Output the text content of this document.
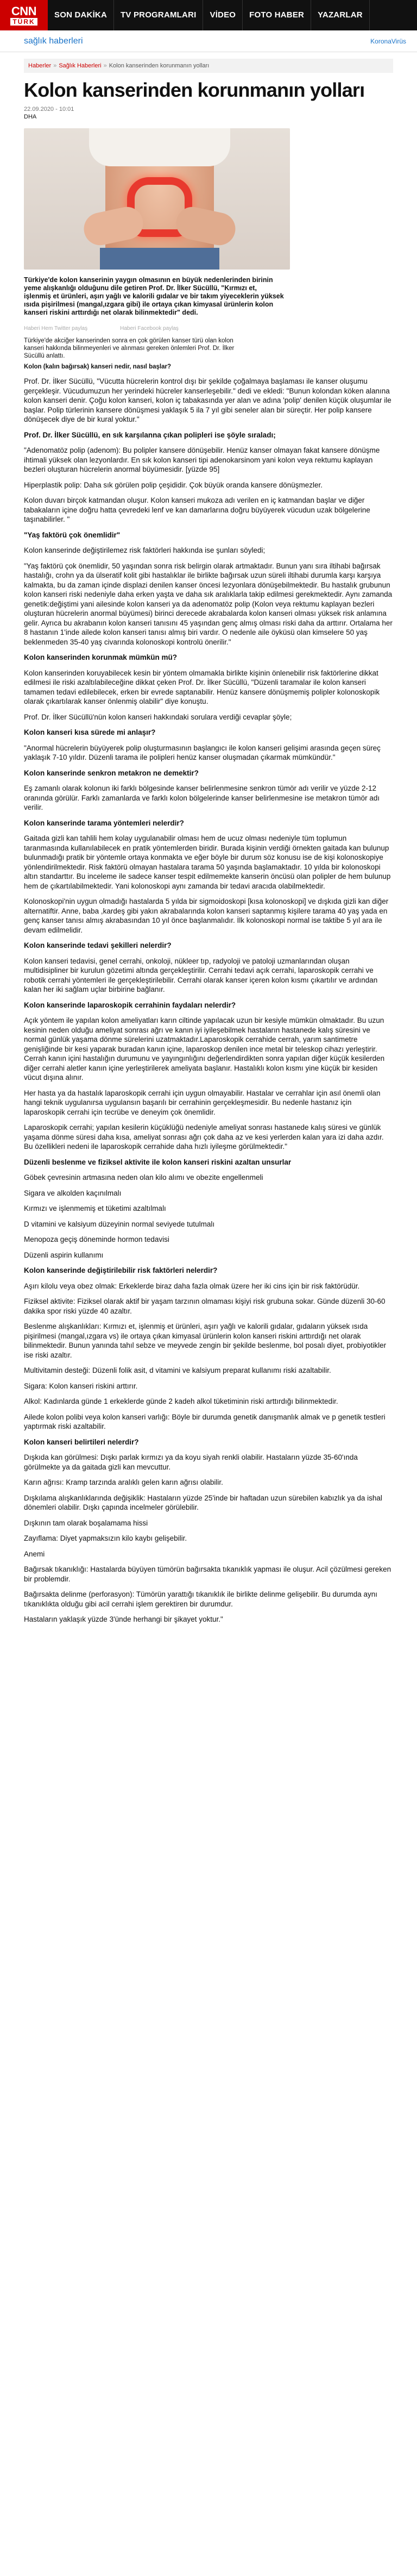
CNN
TÜRK
SON DAKİKA	TV PROGRAMLARI	VİDEO	FOTO HABER	YAZARLAR
sağlık haberleri	KoronaVirüs
Haberler » Sağlık Haberleri » Kolon kanserinden korunmanın yolları
Kolon kanserinden korunmanın yolları
22.09.2020 - 10:01
DHA
Türkiye'de kolon kanserinin yaygın olmasının en büyük nedenlerinden birinin yeme alışkanlığı olduğunu dile getiren Prof. Dr. İlker Sücüllü, "Kırmızı et, işlenmiş et ürünleri, aşırı yağlı ve kalorili gıdalar ve bir takım yiyeceklerin yüksek ısıda pişirilmesi (mangal,ızgara gibi) ile ortaya çıkan kimyasal ürünlerin kolon kanseri riskini arttırdığı net olarak bilinmektedir" dedi.
Haberi Hem Twitter paylaş	Haberi Facebook paylaş
Türkiye'de akciğer kanserinden sonra en çok görülen kanser türü olan kolon kanseri hakkında bilinmeyenleri ve alınması gereken önlemleri Prof. Dr. İlker Sücüllü anlattı.
Kolon (kalın bağırsak) kanseri nedir, nasıl başlar?

Prof. Dr. İlker Sücüllü, "Vücutta hücrelerin kontrol dışı bir şekilde çoğalmaya başlaması ile kanser oluşumu gerçekleşir. Vücudumuzun her yerindeki hücreler kanserleşebilir." dedi ve ekledi: "Bunun kolondan köken alanına kolon kanseri denir. Çoğu kolon kanseri, kolon iç tabakasında yer alan ve adına 'polip' denilen küçük oluşumlar ile başlar. Polip türlerinin kansere dönüşmesi yaklaşık 5 ila 7 yıl gibi seneler alan bir süreçtir. Her polip kansere dönüşecek diye de bir kural yoktur."

Prof. Dr. İlker Sücüllü, en sık karşılanna çıkan polipleri ise şöyle sıraladı;

"Adenomatöz polip (adenom): Bu polipler kansere dönüşebilir. Henüz kanser olmayan fakat kansere dönüşme ihtimali yüksek olan lezyonlardır. En sık kolon kanseri tipi adenokarsinom yani kolon veya rektumu kaplayan bezleri oluşturan hücrelerin anormal büyümesidir. [yüzde 95]

Hiperplastik polip: Daha sık görülen polip çeşididir. Çok büyük oranda kansere dönüşmezler.

Kolon duvarı birçok katmandan oluşur. Kolon kanseri mukoza adı verilen en iç katmandan başlar ve diğer tabakaların içine doğru hatta çevredeki lenf ve kan damarlarına doğru büyüyerek vücudun uzak bölgelerine taşınabilirler. "

"Yaş faktörü çok önemlidir"

Kolon kanserinde değiştirilemez risk faktörleri hakkında ise şunları söyledi;

"Yaş faktörü çok önemlidir, 50 yaşından sonra risk belirgin olarak artmaktadır. Bunun yanı sıra iltihabi bağırsak hastalığı, crohn ya da ülseratif kolit gibi hastalıklar ile birlikte bağırsak uzun süreli iltihabi durumla karşı karşıya kalmakta, bu da zaman içinde displazi denilen kanser öncesi lezyonlara dönüşebilmektedir. Bu hastalık grubunun kolon kanseri riski nedeniyle daha erken yaşta ve daha sık aralıklarla takip edilmesi gerekmektedir. Aynı zamanda genetik:değiştimi yani ailesinde kolon kanseri ya da adenomatöz polip (Kolon veya rektumu kaplayan bezleri oluşturan hücrelerin anormal büyümesi) birinci derecede akrabalarda kolon kanseri olması yüksek risk anlamına gelir. Ayrıca bu akrabanın kolon kanseri tanısını 45 yaşından genç almış olması riski daha da arttırır. Ortalama her 8 hastanın 1'inde ailede kolon kanseri tanısı almış biri vardır. O nedenle aile öyküsü olan kimselere 50 yaş beklenmeden 35-40 yaş civarında kolonoskopi kontrolü önerilir."

Kolon kanserinden korunmak mümkün mü?

Kolon kanserinden koruyabilecek kesin bir yöntem olmamakla birlikte kişinin önlenebilir risk faktörlerine dikkat edilmesi ile riski azaltılabileceğine dikkat çeken Prof. Dr. İlker Sücüllü, "Düzenli taramalar ile kolon kanseri tamamen tedavi edilebilecek, erken bir evrede saptanabilir. Henüz kansere dönüşmemiş polipler kolonoskopik olarak çıkartılarak kanser önlenmiş olabilir" diye konuştu.

Prof. Dr. İlker Sücüllü'nün kolon kanseri hakkındaki sorulara verdiği cevaplar şöyle;

Kolon kanseri kısa sürede mi anlaşır?

"Anormal hücrelerin büyüyerek polip oluşturmasının başlangıcı ile kolon kanseri gelişimi arasında geçen süreç yaklaşık 7-10 yıldır. Düzenli tarama ile polipleri henüz kanser oluşmadan çıkarmak mümkündür."

Kolon kanserinde senkron metakron ne demektir?

Eş zamanlı olarak kolonun iki farklı bölgesinde kanser belirlenmesine senkron tümör adı verilir ve yüzde 2-12 oranında görülür. Farklı zamanlarda ve farklı kolon bölgelerinde kanser belirlenmesine ise metakron tümör adı verilir.

Kolon kanserinde tarama yöntemleri nelerdir?

Gaitada gizli kan tahlili hem kolay uygulanabilir olması hem de ucuz olması nedeniyle tüm toplumun taranmasında kullanılabilecek en pratik yöntemlerden biridir. Burada kişinin verdiği örnekten gaitada kan bulunup bulunmadığı pratik bir yöntemle ortaya konmakta ve eğer böyle bir durum söz konusu ise de kişi kolonoskopiye yönlendirilmektedir. Risk faktörü olmayan hastalara tarama 50 yaşında başlamaktadır. 10 yılda bir kolonoskopi altın standarttır. Bu inceleme ile sadece kanser tespit edilmemekte kanserin öncüsü olan polipler de hem bulunup hem de çıkartılabilmektedir. Yani kolonoskopi aynı zamanda bir tedavi aracıda olabilmektedir.

Kolonoskopi'nin uygun olmadığı hastalarda 5 yılda bir sigmoidoskopi [kısa kolonoskopi] ve dışkıda gizli kan diğer alternatiftir. Anne, baba ,kardeş gibi yakın akrabalarında kolon kanseri saptanmış kişilere tarama 40 yaş yada en genç kanser tanısı almış akrabasından 10 yıl önce başlanmalıdır. İlk kolonoskopi normal ise taktibe 5 yıl ara ile devam edilmelidir.

Kolon kanserinde tedavi şekilleri nelerdir?

Kolon kanseri tedavisi, genel cerrahi, onkoloji, nükleer tıp, radyoloji ve patoloji uzmanlarından oluşan multidisipliner bir kurulun gözetimi altında gerçekleştirilir. Cerrahi tedavi açık cerrahi, laparoskopik cerrahi ve robotik cerrahi yöntemleri ile gerçekleştirilebilir. Cerrahi olarak kanser içeren kolon kısmı çıkartılır ve ardından kalan her iki sağlam uçlar birbirine bağlanır.

Kolon kanserinde laparoskopik cerrahinin faydaları nelerdir?

Açık yöntem ile yapılan kolon ameliyatları karın ciltinde yapılacak uzun bir kesiyle mümkün olmaktadır. Bu uzun kesinin neden olduğu ameliyat sonrası ağrı ve kanın iyi iyileşebilmek hastaların hastanede kalış süresini ve normal günlük yaşama dönme sürelerini uzatmaktadır.Laparoskopik cerrahide cerrah, yarım santimetre genişliğinde bir kesi yaparak buradan kanın içine, laparoskop denilen ince metal bir teleskop cihazı yerleştirir. Cerrah kanın içini hastalığın durumunu ve yayıngınlığını değerlendirdikten sonra yapılan diğer küçük kesilerden diğer cerrahi aletler kanın içine yerleştirilerek ameliyata başlanır. Hastalıklı kolon kısmı yine küçük bir kesiden vücut dışına alınır.

Her hasta ya da hastalık laparoskopik cerrahi için uygun olmayabilir. Hastalar ve cerrahlar için asıl önemli olan hangi teknik uygulanırsa uygulansın başarılı bir cerrahinin gerçekleşmesidir. Bu nedenle hastanız için laparoskopik cerrahi için tecrübe ve deneyim çok önemlidir.

Laparoskopik cerrahi; yapılan kesilerin küçüklüğü nedeniyle ameliyat sonrası hastanede kalış süresi ve günlük yaşama dönme süresi daha kısa, ameliyat sonrası ağrı çok daha az ve kesi yerlerden kalan yara izi daha azdır. Bu özellikleri nedeni ile laparoskopik cerrahide daha hızlı iyileşme görülmektedir."

Düzenli beslenme ve fiziksel aktivite ile kolon kanseri riskini azaltan unsurlar

Göbek çevresinin artmasına neden olan kilo alımı ve obezite engellenmeli

Sigara ve alkolden kaçınılmalı

Kırmızı ve işlenmemiş et tüketimi azaltılmalı

D vitamini ve kalsiyum düzeyinin normal seviyede tutulmalı

Menopoza geçiş döneminde hormon tedavisi

Düzenli aspirin kullanımı

Kolon kanserinde değiştirilebilir risk faktörleri nelerdir?

Aşırı kilolu veya obez olmak: Erkeklerde biraz daha fazla olmak üzere her iki cins için bir risk faktörüdür.

Fiziksel aktivite: Fiziksel olarak aktif bir yaşam tarzının olmaması kişiyi risk grubuna sokar. Günde düzenli 30-60 dakika spor riski yüzde 40 azaltır.

Beslenme alışkanlıkları: Kırmızı et, işlenmiş et ürünleri, aşırı yağlı ve kalorili gıdalar, gıdaların yüksek ısıda pişirilmesi (mangal,ızgara vs) ile ortaya çıkan kimyasal ürünlerin kolon kanseri riskini arttırdığı net olarak bilinmektedir. Bunun yanında tahıl sebze ve meyvede zengin bir şekilde beslenme, bol posalı diyet, probiyotikler ise riski azaltır.

Multivitamin desteği: Düzenli folik asit, d vitamini ve kalsiyum preparat kullanımı riski azaltabilir.

Sigara: Kolon kanseri riskini arttırır.

Alkol: Kadınlarda günde 1 erkeklerde günde 2 kadeh alkol tüketiminin riski arttırdığı bilinmektedir.

Ailede kolon polibi veya kolon kanseri varlığı: Böyle bir durumda genetik danışmanlık almak ve p genetik testleri yaptırmak riski azaltabilir.

Kolon kanseri belirtileri nelerdir?

Dışkıda kan görülmesi: Dışkı parlak kırmızı ya da koyu siyah renkli olabilir. Hastaların yüzde 35-60'ında görülmekte ya da gaitada gizli kan mevcuttur.

Karın ağrısı: Kramp tarzında aralıklı gelen karın ağrısı olabilir.

Dışkılama alışkanlıklarında değişiklik: Hastaların yüzde 25'inde bir haftadan uzun sürebilen kabızlık ya da ishal dönemleri olabilir. Dışkı çapında incelmeler görülebilir.

Dışkının tam olarak boşalamama hissi

Zayıflama: Diyet yapmaksızın kilo kaybı gelişebilir.

Anemi

Bağırsak tıkanıklığı: Hastalarda büyüyen tümörün bağırsakta tıkanıklık yapması ile oluşur. Acil çözülmesi gereken bir problemdir.

Bağırsakta delinme (perforasyon): Tümörün yarattığı tıkanıklık ile birlikte delinme gelişebilir. Bu durumda aynı tıkanıklıkta olduğu gibi acil cerrahi işlem gerektiren bir durumdur.

Hastaların yaklaşık yüzde 3'ünde herhangi bir şikayet yoktur."
